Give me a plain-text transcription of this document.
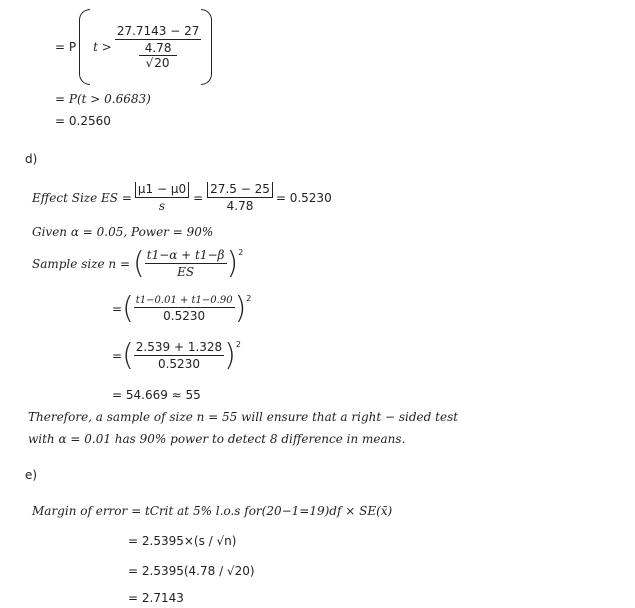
= P t > 27.7143 − 27
4.78
√20
= P(t > 0.6683)
= 0.2560
d)
Effect Size ES = $\frac{\mu 1 - \mu 0}{s} = \frac{27.5 - 25}{4.78} = 0.5230$
Given α = 0.05, Power = 90%
Sample size n = ( $\frac{t1-\alpha + t1-\beta}{ES} )^2$
= ( $\frac{t1-0.01 + t1-0.90}{0.5230} )^2$
= ( $\frac{2.539 + 1.328}{0.5230} )^2$
= 54.669 ≈ 55
Therefore, a sample of size n = 55 will ensure that a right − sided test
with α = 0.01 has 90% power to detect 8 difference in means.
e)
Margin of error = tCrit at 5% l.o.s for(20−1=19)df × SE(x̄)
= 2.5395×(s / √n)
= 2.5395(4.78 / √20)
= 2.7143
